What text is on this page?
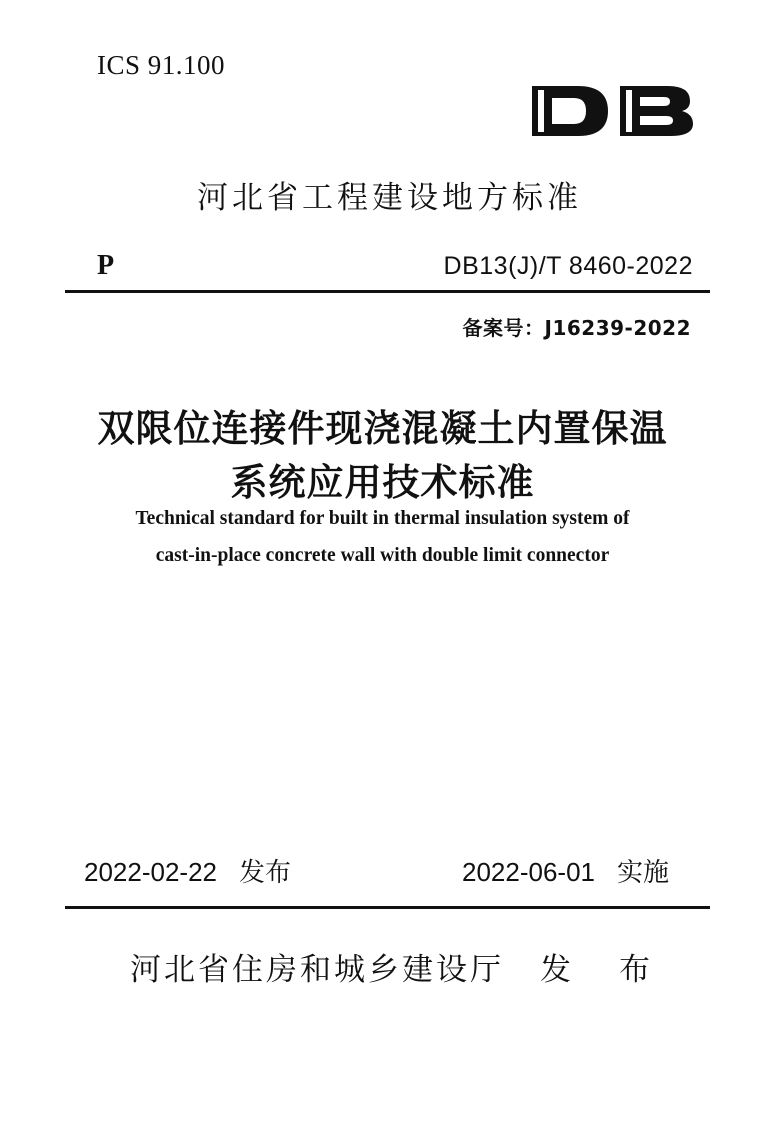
ICS 91.100
河北省工程建设地方标准
P	DB13(J)/T 8460-2022
备案号：J16239-2022
双限位连接件现浇混凝土内置保温
系统应用技术标准
Technical standard for built in thermal insulation system of
cast-in-place concrete wall with double limit connector
2022-02-22 发布	2022-06-01 实施
河北省住房和城乡建设厅 发布
